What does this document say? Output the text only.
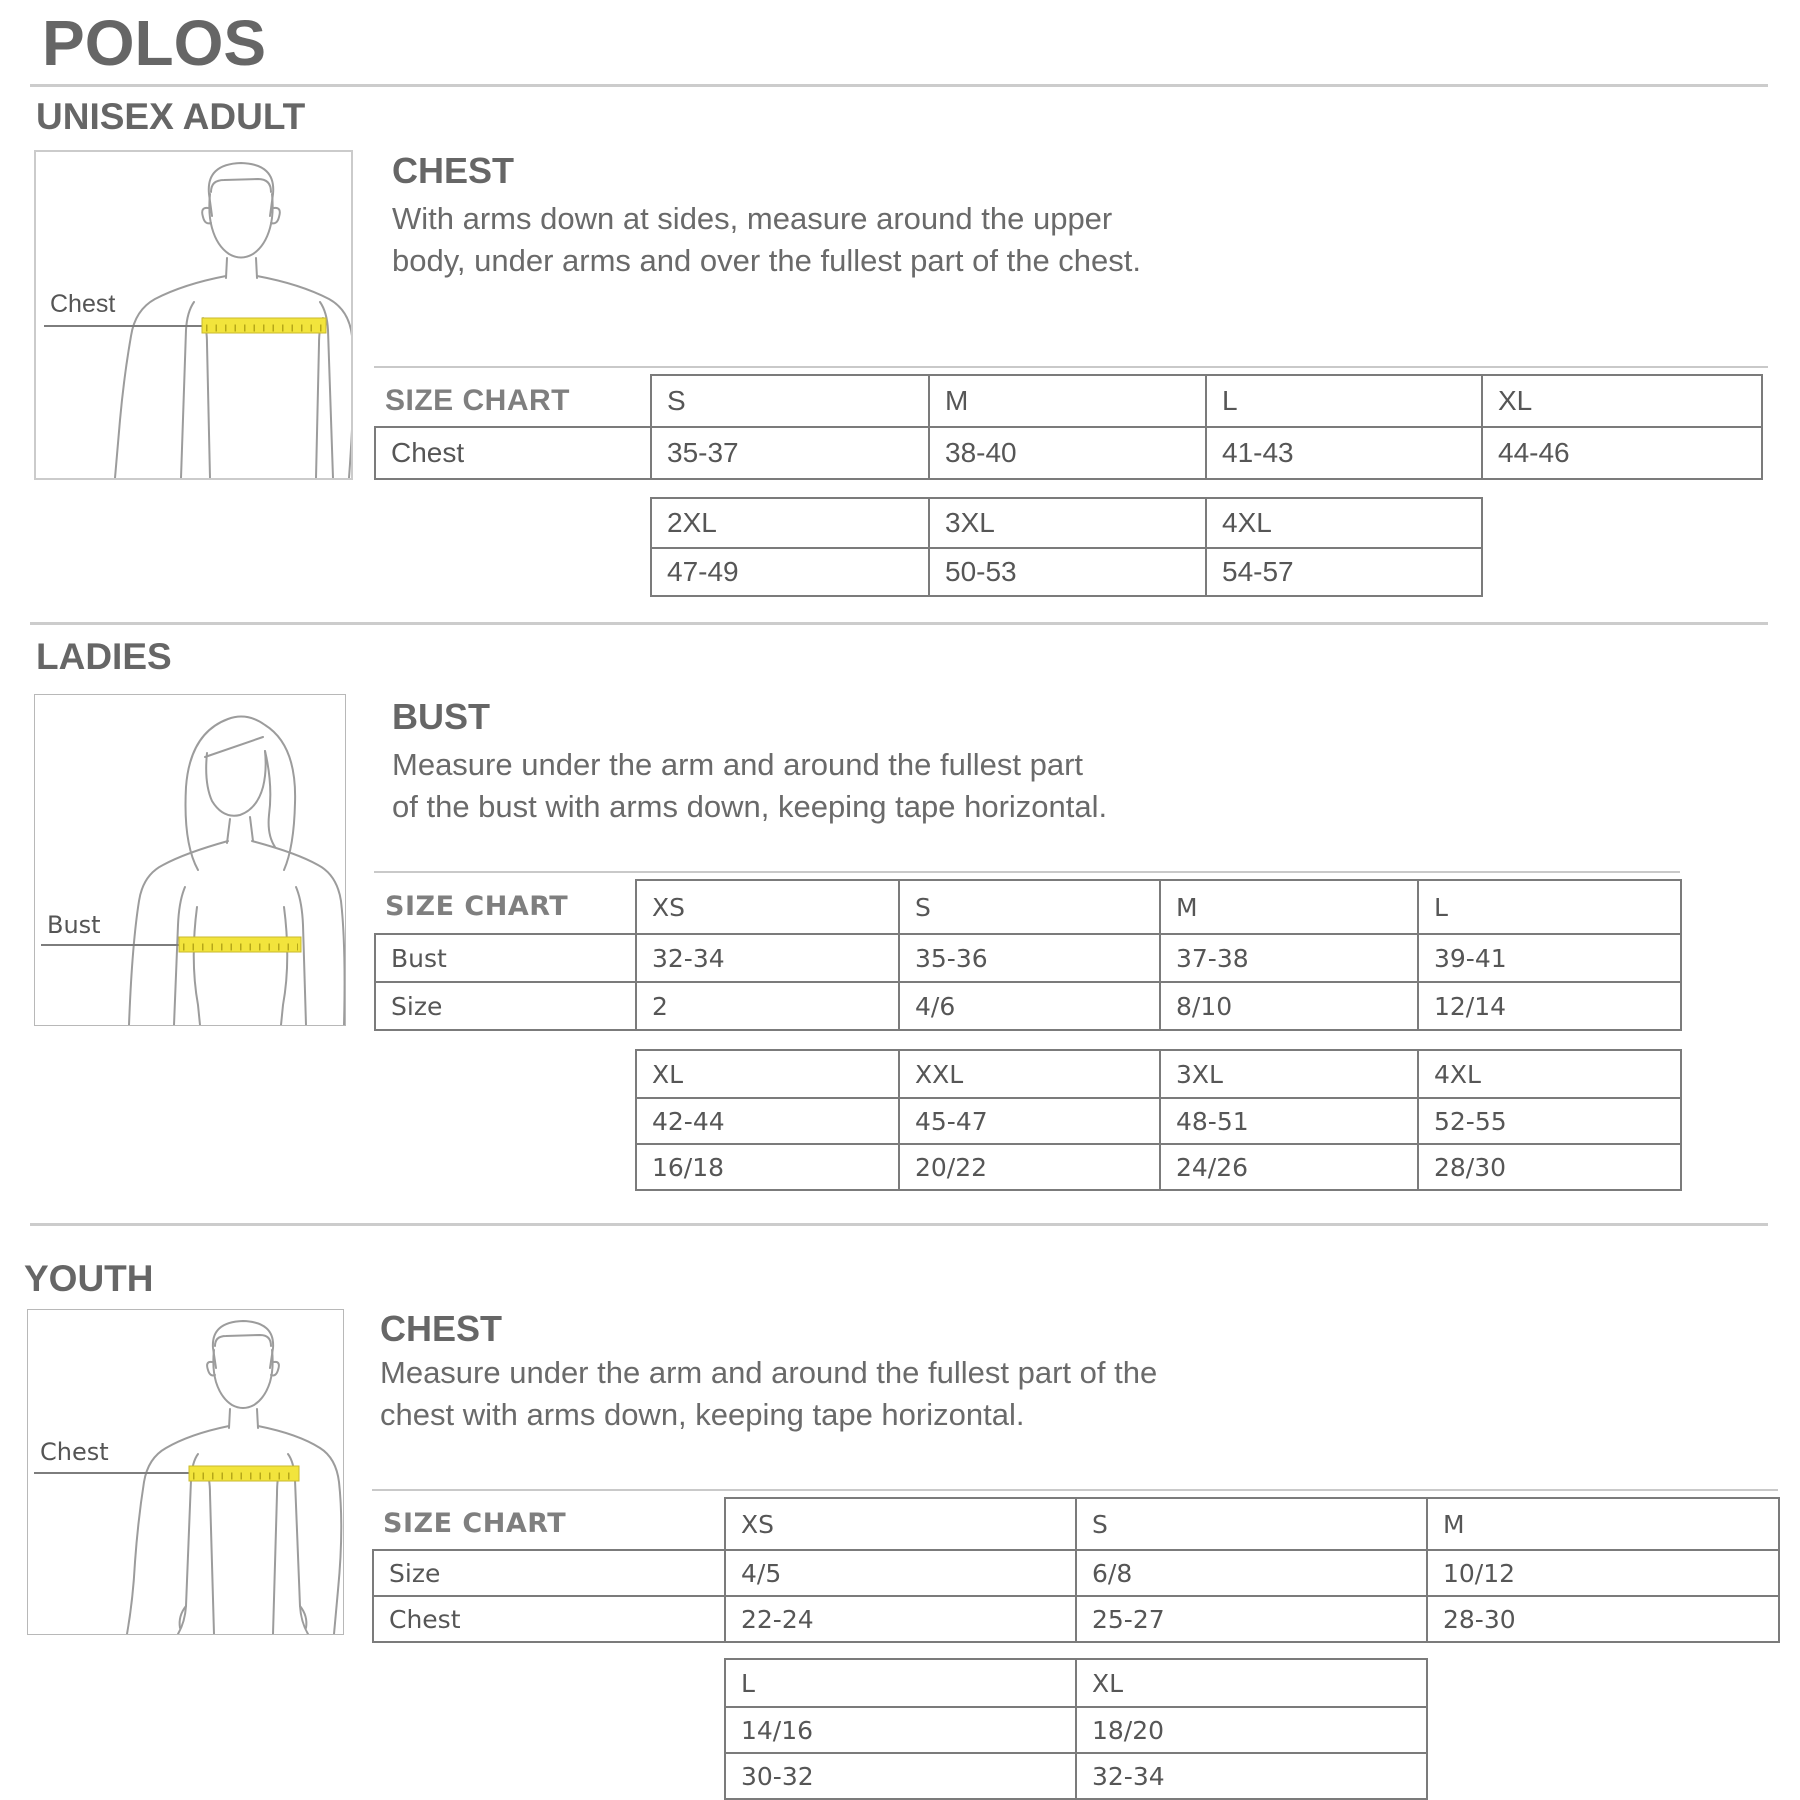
POLOS
UNISEX ADULT
Chest
CHEST
With arms down at sides, measure around the upper
body, under arms and over the fullest part of the chest.
SIZE CHART	S	M	L	XL
Chest	35-37	38-40	41-43	44-46
2XL	3XL	4XL
47-49	50-53	54-57
LADIES
Bust
BUST
Measure under the arm and around the fullest part
of the bust with arms down, keeping tape horizontal.
SIZE CHART	XS	S	M	L
Bust	32-34	35-36	37-38	39-41
Size	2	4/6	8/10	12/14
XL	XXL	3XL	4XL
42-44	45-47	48-51	52-55
16/18	20/22	24/26	28/30
YOUTH
Chest
CHEST
Measure under the arm and around the fullest part of the
chest with arms down, keeping tape horizontal.
SIZE CHART	XS	S	M
Size	4/5	6/8	10/12
Chest	22-24	25-27	28-30
L	XL
14/16	18/20
30-32	32-34
